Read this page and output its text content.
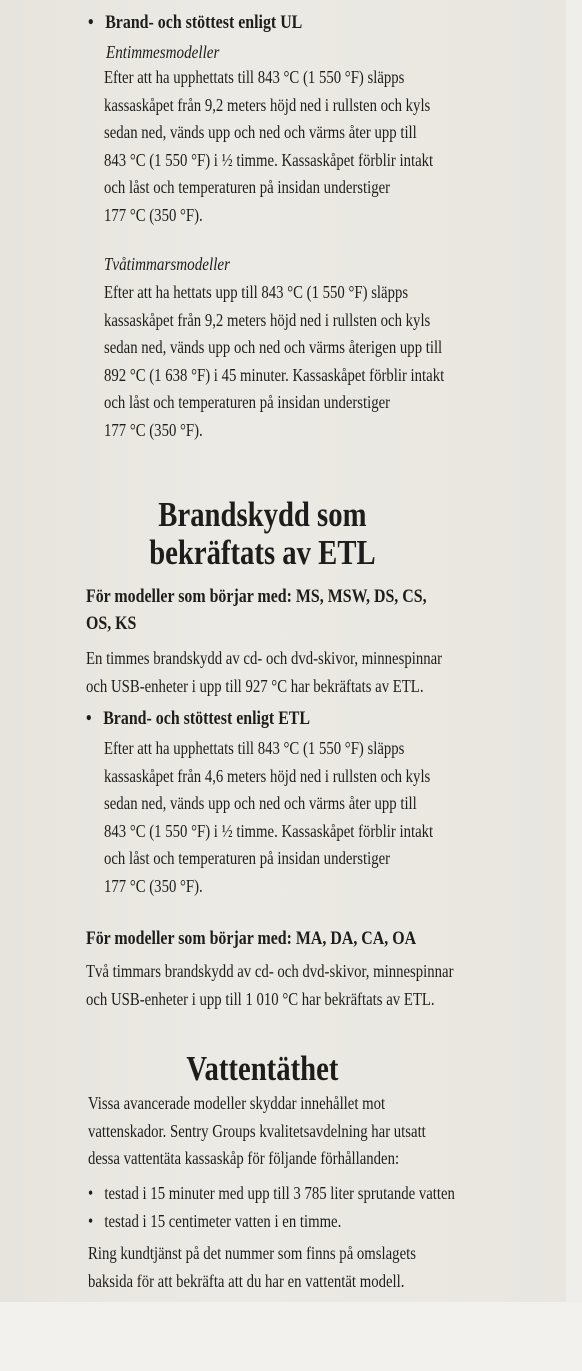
• Brand- och stöttest enligt UL
Entimmesmodeller
Efter att ha upphettats till 843 °C (1 550 °F) släpps
kassaskåpet från 9,2 meters höjd ned i rullsten och kyls
sedan ned, vänds upp och ned och värms åter upp till
843 °C (1 550 °F) i ½ timme. Kassaskåpet förblir intakt
och låst och temperaturen på insidan understiger
177 °C (350 °F).
Tvåtimmarsmodeller
Efter att ha hettats upp till 843 °C (1 550 °F) släpps
kassaskåpet från 9,2 meters höjd ned i rullsten och kyls
sedan ned, vänds upp och ned och värms återigen upp till
892 °C (1 638 °F) i 45 minuter. Kassaskåpet förblir intakt
och låst och temperaturen på insidan understiger
177 °C (350 °F).
Brandskydd som
bekräftats av ETL
För modeller som börjar med: MS, MSW, DS, CS,
OS, KS
En timmes brandskydd av cd- och dvd-skivor, minnespinnar
och USB-enheter i upp till 927 °C har bekräftats av ETL.
• Brand- och stöttest enligt ETL
Efter att ha upphettats till 843 °C (1 550 °F) släpps
kassaskåpet från 4,6 meters höjd ned i rullsten och kyls
sedan ned, vänds upp och ned och värms åter upp till
843 °C (1 550 °F) i ½ timme. Kassaskåpet förblir intakt
och låst och temperaturen på insidan understiger
177 °C (350 °F).
För modeller som börjar med: MA, DA, CA, OA
Två timmars brandskydd av cd- och dvd-skivor, minnespinnar
och USB-enheter i upp till 1 010 °C har bekräftats av ETL.
Vattentäthet
Vissa avancerade modeller skyddar innehållet mot
vattenskador. Sentry Groups kvalitetsavdelning har utsatt
dessa vattentäta kassaskåp för följande förhållanden:
• testad i 15 minuter med upp till 3 785 liter sprutande vatten
• testad i 15 centimeter vatten i en timme.
Ring kundtjänst på det nummer som finns på omslagets
baksida för att bekräfta att du har en vattentät modell.
